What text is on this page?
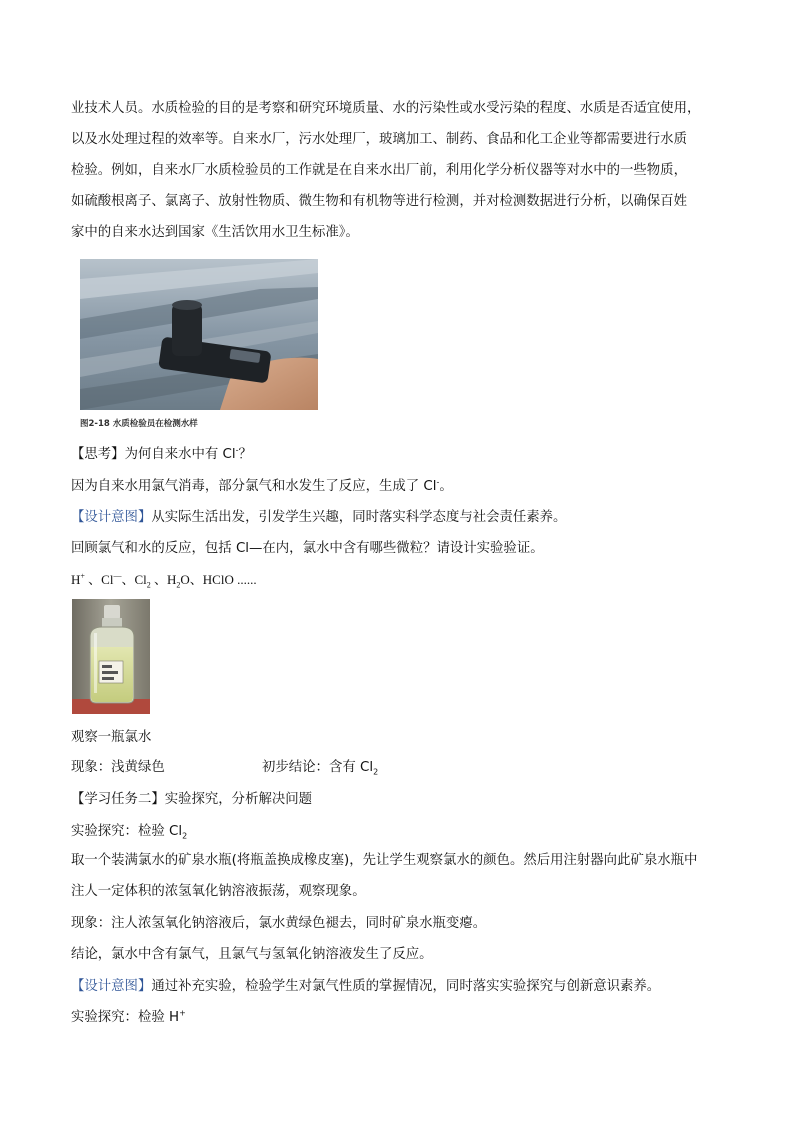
业技术人员。水质检验的目的是考察和研究环境质量、水的污染性或水受污染的程度、水质是否适宜使用，
以及水处理过程的效率等。自来水厂，污水处理厂，玻璃加工、制药、食品和化工企业等都需要进行水质
检验。例如，自来水厂水质检验员的工作就是在自来水出厂前，利用化学分析仪器等对水中的一些物质，
如硫酸根离子、氯离子、放射性物质、微生物和有机物等进行检测，并对检测数据进行分析，以确保百姓
家中的自来水达到国家《生活饮用水卫生标准》。
图2-18 水质检验员在检测水样
【思考】为何自来水中有 Cl-？
因为自来水用氯气消毒，部分氯气和水发生了反应，生成了 Cl-。
【设计意图】从实际生活出发，引发学生兴趣，同时落实科学态度与社会责任素养。
回顾氯气和水的反应，包括 Cl—在内，氯水中含有哪些微粒？请设计实验验证。
H+ 、Cl—、$Cl_2$ 、$H_2O$、HClO ......
观察一瓶氯水
现象：浅黄绿色	初步结论：含有 $Cl_2$
【学习任务二】实验探究，分析解决问题
实验探究：检验 $Cl_2$
取一个装满氯水的矿泉水瓶(将瓶盖换成橡皮塞)，先让学生观察氯水的颜色。然后用注射器向此矿泉水瓶中
注人一定体积的浓氢氧化钠溶液振荡，观察现象。
现象：注人浓氢氧化钠溶液后，氯水黄绿色褪去，同时矿泉水瓶变瘪。
结论，氯水中含有氯气，且氯气与氢氧化钠溶液发生了反应。
【设计意图】通过补充实验，检验学生对氯气性质的掌握情况，同时落实实验探究与创新意识素养。
实验探究：检验 H+
